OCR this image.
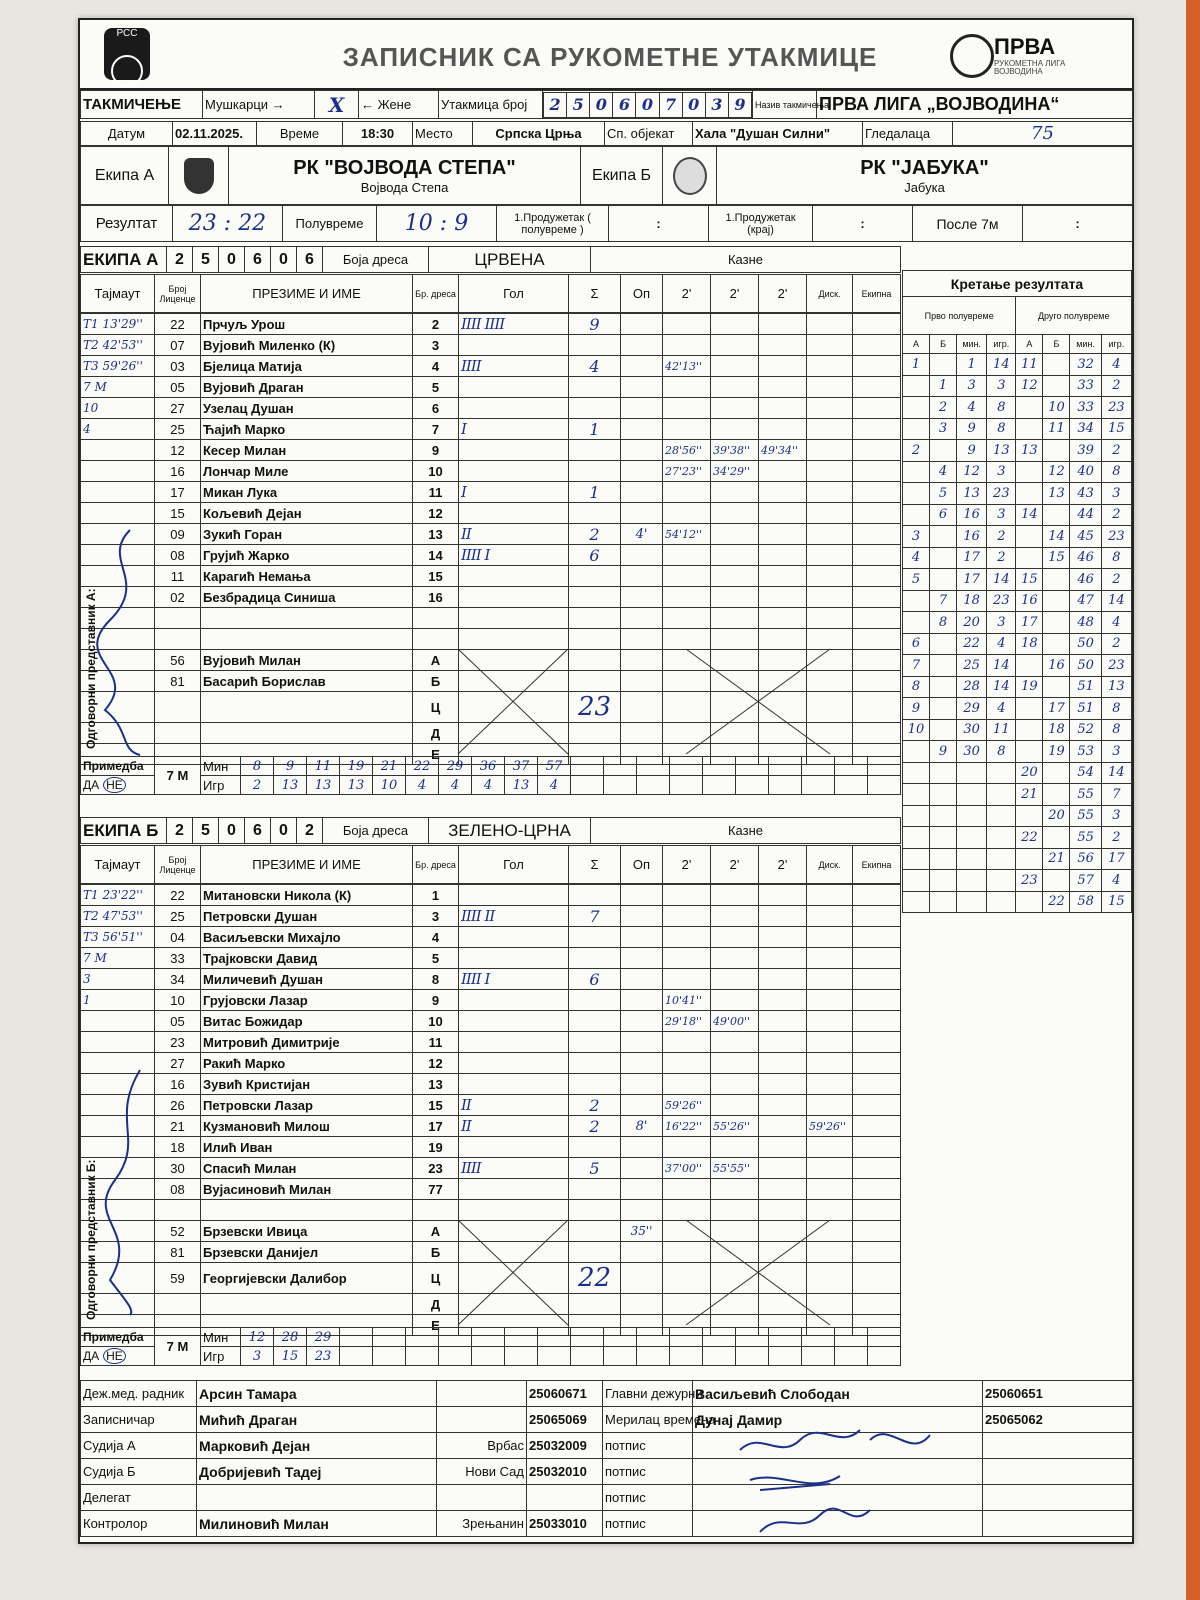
РСС
ЗАПИСНИК СА РУКОМЕТНЕ УТАКМИЦЕ	ПРВА
РУКОМЕТНА ЛИГА ВОЈВОДИНА
ТАКМИЧЕЊЕ	Мушкарци →	X	← Жене	Утакмица број	2	5	0	6	0	7	0	3	9
	Назив такмичења	ПРВА ЛИГА „ВОЈВОДИНА“
Датум	02.11.2025.	Време	18:30	Место	Српска Црња	Сп. објекат	Хала "Душан Силни"	Гледалаца	75
Екипа А		РК "ВОЈВОДА СТЕПА"
Војвода Степа
	Екипа Б		РК "ЈАБУКА"
Јабука
Резултат	23 : 22	Полувреме	10 : 9	1.Продужетак ( полувреме )	:	1.Продужетак (крај)	:	После 7м	:
ЕКИПА А	2	5	0	6	0	6	Боја дреса	ЦРВЕНА	Казне
Тајмаут	Број Лиценце	ПРЕЗИМЕ И ИМЕ	Бр. дреса	Гол	Σ	Оп	2'	2'	2'	Диск.	Екипна
T1 13'29''	22	Прчуљ Урош	2	IIII IIII	9						
T2 42'53''	07	Вујовић Миленко (К)	3								
T3 59'26''	03	Бјелица Матија	4	IIII	4		42'13''				
7 M	05	Вујовић Драган	5								
10	27	Узелац Душан	6								
4	25	Ћајић Марко	7	I	1						
	12	Кесер Милан	9				28'56''	39'38''	49'34''		
	16	Лончар Миле	10				27'23''	34'29''			
	17	Микан Лука	11	I	1						
	15	Кољевић Дејан	12								
	09	Зукић Горан	13	II	2	4'	54'12''				
	08	Грујић Жарко	14	IIII I	6						
	11	Карагић Немања	15								
	02	Безбрадица Синиша	16								

	56	Вујовић Милан	А								
	81	Басарић Борислав	Б								
			Ц		23						
			Д								
			Е								
Примедба	7 М	Мин	8	9	11	19	21	22	29	36	37	57										
ДА НЕ		Игр	2	13	13	13	10	4	4	4	13	4										
Одговорни представник А:
ЕКИПА Б	2	5	0	6	0	2	Боја дреса	ЗЕЛЕНО-ЦРНА	Казне
Тајмаут	Број Лиценце	ПРЕЗИМЕ И ИМЕ	Бр. дреса	Гол	Σ	Оп	2'	2'	2'	Диск.	Екипна
T1 23'22''	22	Митановски Никола (К)	1								
T2 47'53''	25	Петровски Душан	3	IIII II	7						
T3 56'51''	04	Васиљевски Михајло	4								
7 M	33	Трајковски Давид	5								
3	34	Миличевић Душан	8	IIII I	6						
1	10	Грујовски Лазар	9				10'41''				
	05	Витас Божидар	10				29'18''	49'00''			
	23	Митровић Димитрије	11								
	27	Ракић Марко	12								
	16	Зувић Кристијан	13								
	26	Петровски Лазар	15	II	2		59'26''				
	21	Кузмановић Милош	17	II	2	8'	16'22''	55'26''		59'26''	
	18	Илић Иван	19								
	30	Спасић Милан	23	IIII	5		37'00''	55'55''			
	08	Вујасиновић Милан	77								

	52	Брзевски Ивица	А			35''					
	81	Брзевски Данијел	Б								
	59	Георгијевски Далибор	Ц		22						
			Д								
			Е								
Примедба	7 М	Мин	12	28	29																	
ДА НЕ		Игр	3	15	23																	
Одговорни представник Б:
Кретање резултата							
Прво полувреме				Друго полувреме			
А	Б	мин.	игр.	А	Б	мин.	игр.
1		1	14	11		32	4
	1	3	3	12		33	2
	2	4	8		10	33	23
	3	9	8		11	34	15
2		9	13	13		39	2
	4	12	3		12	40	8
	5	13	23		13	43	3
	6	16	3	14		44	2
3		16	2		14	45	23
4		17	2		15	46	8
5		17	14	15		46	2
	7	18	23	16		47	14
	8	20	3	17		48	4
6		22	4	18		50	2
7		25	14		16	50	23
8		28	14	19		51	13
9		29	4		17	51	8
10		30	11		18	52	8
	9	30	8		19	53	3
				20		54	14
				21		55	7
					20	55	3
				22		55	2
					21	56	17
				23		57	4
					22	58	15
Деж.мед. радник	Арсин Тамара		25060671	Главни дежурни	Васиљевић Слободан	25060651
Записничар	Мићић Драган		25065069	Мерилац времена	Дунај Дамир	25065062
Судија А	Марковић Дејан	Врбас	25032009	потпис		
Судија Б	Добријевић Тадеј	Нови Сад	25032010	потпис		
Делегат				потпис		
Контролор	Милиновић Милан	Зрењанин	25033010	потпис		
